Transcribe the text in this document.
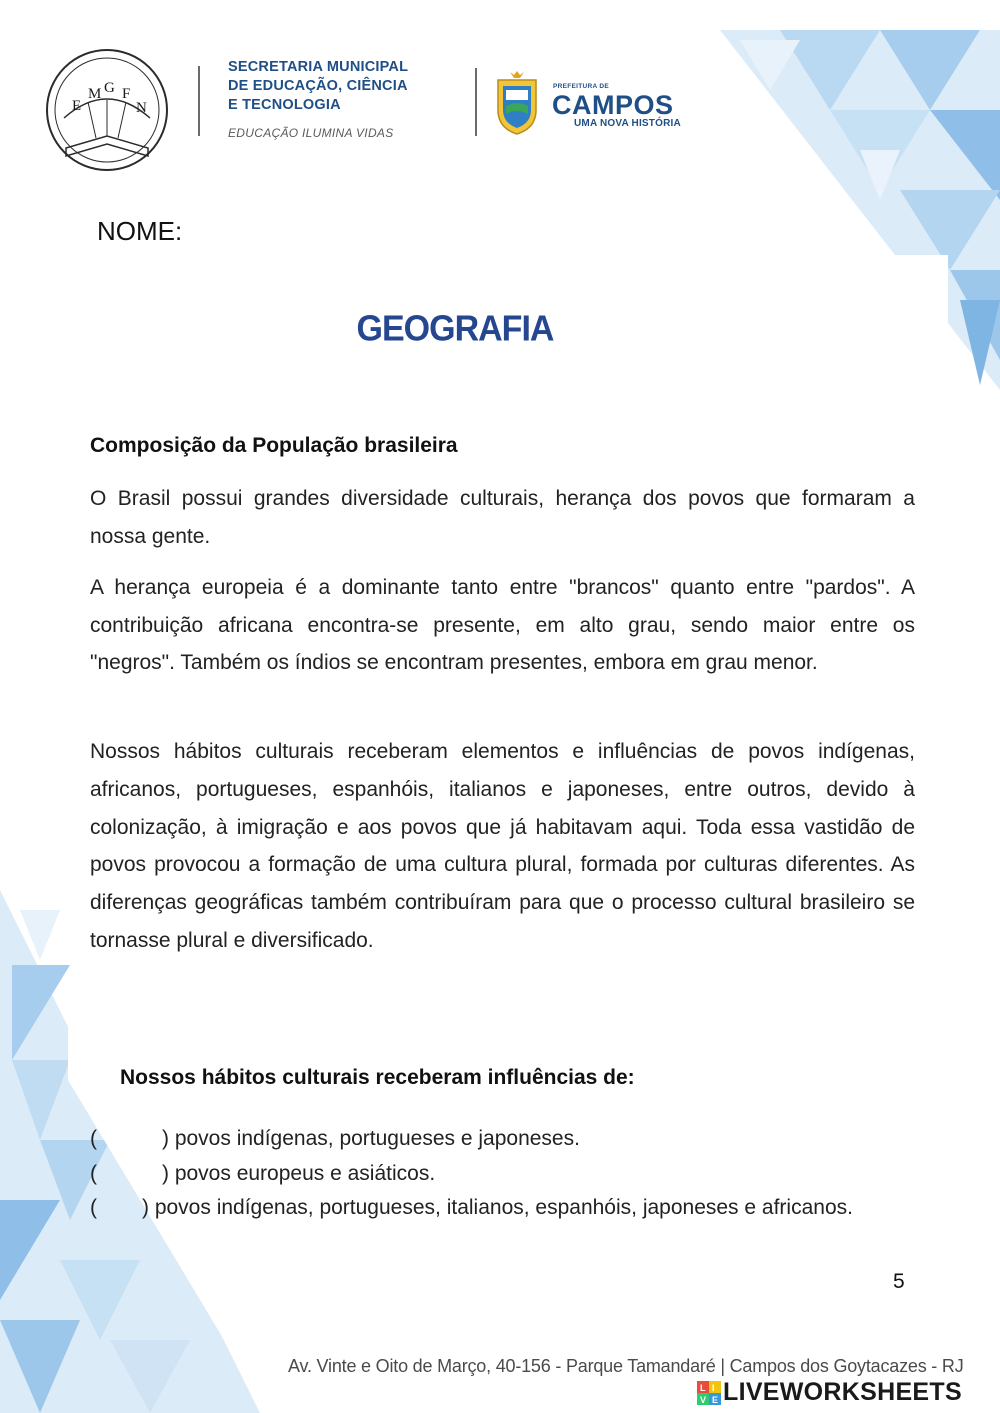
E
M G F
N
SECRETARIA MUNICIPAL
DE EDUCAÇÃO, CIÊNCIA
E TECNOLOGIA
EDUCAÇÃO ILUMINA VIDAS
PREFEITURA DE
CAMPOS
UMA NOVA HISTÓRIA
NOME:
GEOGRAFIA
Composição da População brasileira
O Brasil possui grandes diversidade culturais, herança dos povos que formaram a nossa gente.
A herança europeia é a dominante tanto entre "brancos" quanto entre "pardos". A contribuição africana encontra-se presente, em alto grau, sendo maior entre os "negros". Também os índios se encontram presentes, embora em grau menor.
Nossos hábitos culturais receberam elementos e influências de povos indígenas, africanos, portugueses, espanhóis, italianos e japoneses, entre outros, devido à colonização, à imigração e aos povos que já habitavam aqui. Toda essa vastidão de povos provocou a formação de uma cultura plural, formada por culturas diferentes. As diferenças geográficas também contribuíram para que o processo cultural brasileiro se tornasse plural e diversificado.
Nossos hábitos culturais receberam influências de:
(	) povos indígenas, portugueses e japoneses.
(	) povos europeus e asiáticos.
( ) povos indígenas, portugueses, italianos, espanhóis, japoneses e africanos.
5
Av. Vinte e Oito de Março, 40-156 - Parque Tamandaré | Campos dos Goytacazes - RJ
L I
V E LIVEWORKSHEETS
